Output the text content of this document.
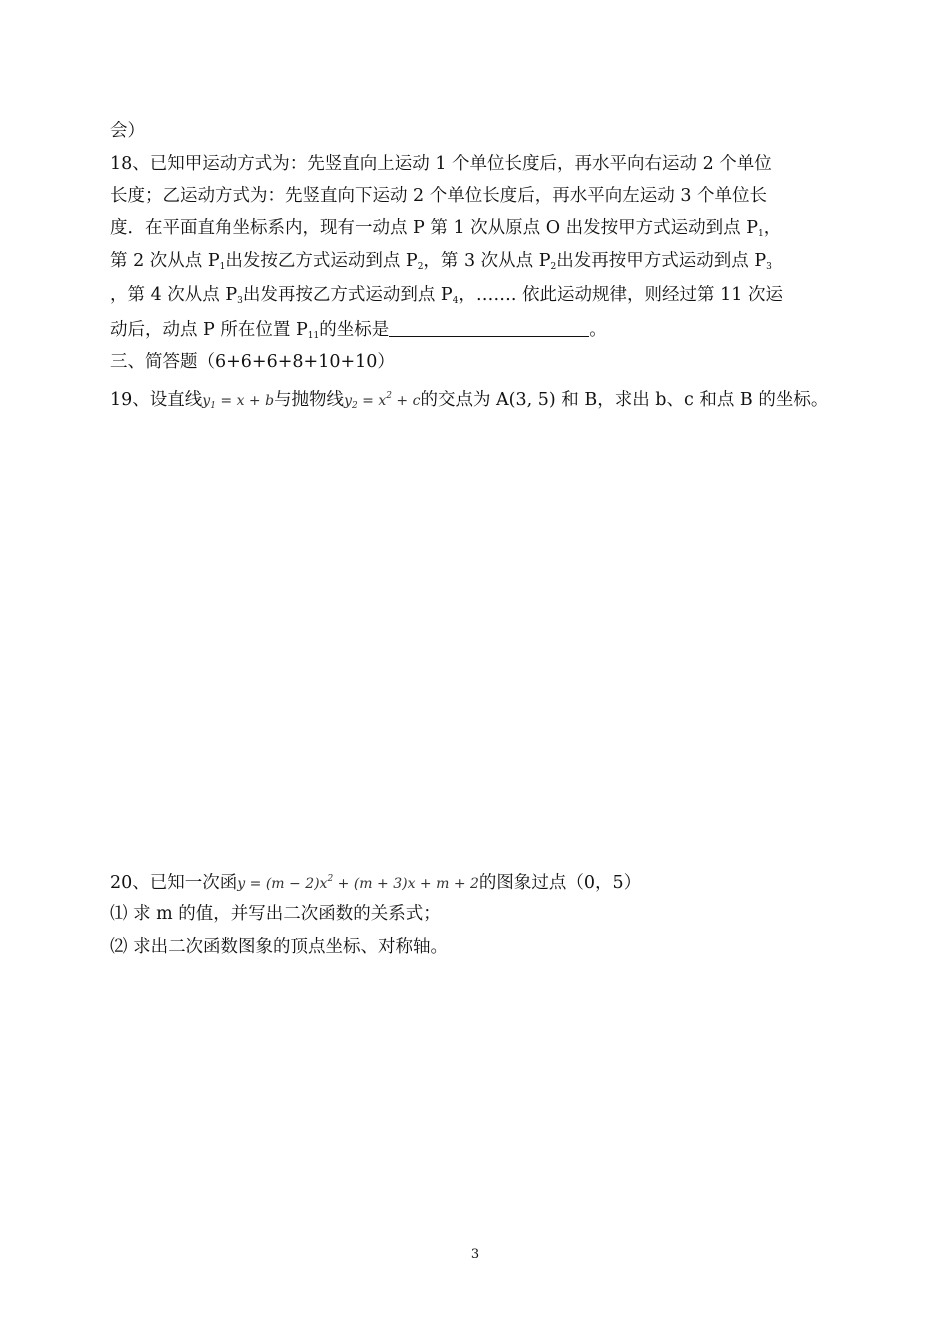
会）
18、已知甲运动方式为：先竖直向上运动 1 个单位长度后，再水平向右运动 2 个单位
长度；乙运动方式为：先竖直向下运动 2 个单位长度后，再水平向左运动 3 个单位长
度．在平面直角坐标系内，现有一动点 P 第 1 次从原点 O 出发按甲方式运动到点 $P_1$，
第 2 次从点 $P_1$出发按乙方式运动到点 $P_2$，第 3 次从点 $P_2$出发再按甲方式运动到点 $P_3$
，第 4 次从点 $P_3$出发再按乙方式运动到点 $P_4$，……. 依此运动规律，则经过第 11 次运
动后，动点 P 所在位置 $P_{11}$的坐标是	。
三、简答题（6+6+6+8+10+10）
19、设直线$y_1 = x + b$与抛物线$y_2 = x^2 + c$的交点为 A(3, 5) 和 B，求出 b、c 和点 B 的坐标。
20、已知一次函$y = (m - 2)x^2 + (m + 3)x + m + 2$的图象过点（0，5）
⑴ 求 m 的值，并写出二次函数的关系式；
⑵ 求出二次函数图象的顶点坐标、对称轴。
3
